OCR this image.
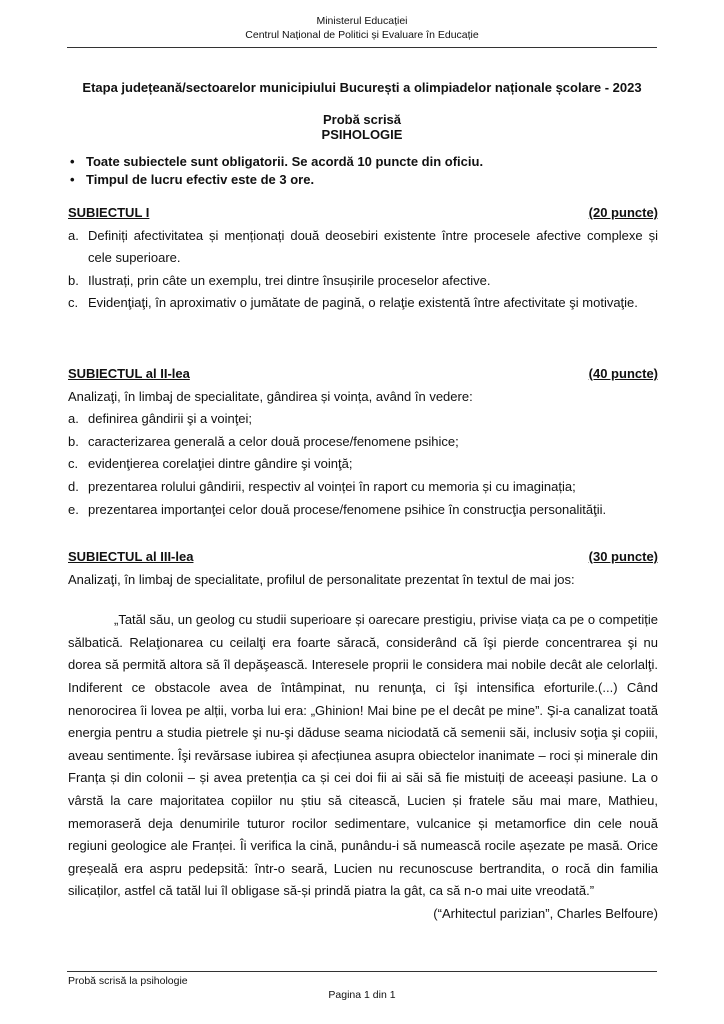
Ministerul Educației
Centrul Național de Politici și Evaluare în Educație
Etapa județeană/sectoarelor municipiului București a olimpiadelor naționale școlare - 2023
Probă scrisă
PSIHOLOGIE
• Toate subiectele sunt obligatorii. Se acordă 10 puncte din oficiu.
• Timpul de lucru efectiv este de 3 ore.
SUBIECTUL I	(20 puncte)
a. Definiți afectivitatea și menționați două deosebiri existente între procesele afective complexe și cele superioare.
b. Ilustrați, prin câte un exemplu, trei dintre însușirile proceselor afective.
c. Evidenţiaţi, în aproximativ o jumătate de pagină, o relaţie existentă între afectivitate şi motivaţie.
SUBIECTUL al II-lea	(40 puncte)
Analizaţi, în limbaj de specialitate, gândirea și voința, având în vedere:
a. definirea gândirii şi a voinţei;
b. caracterizarea generală a celor două procese/fenomene psihice;
c. evidenţierea corelaţiei dintre gândire şi voinţă;
d. prezentarea rolului gândirii, respectiv al voinței în raport cu memoria și cu imaginația;
e. prezentarea importanţei celor două procese/fenomene psihice în construcţia personalităţii.
SUBIECTUL al III-lea	(30 puncte)
Analizaţi, în limbaj de specialitate, profilul de personalitate prezentat în textul de mai jos:
„Tatăl său, un geolog cu studii superioare și oarecare prestigiu, privise viața ca pe o competiție sălbatică. Relaţionarea cu ceilalţi era foarte săracă, considerând că îşi pierde concentrarea şi nu dorea să permită altora să îl depăşească. Interesele proprii le considera mai nobile decât ale celorlalţi. Indiferent ce obstacole avea de întâmpinat, nu renunţa, ci îşi intensifica eforturile.(...) Când nenorocirea îi lovea pe alții, vorba lui era: „Ghinion! Mai bine pe el decât pe mine”. Şi-a canalizat toată energia pentru a studia pietrele şi nu-şi dăduse seama niciodată că semenii săi, inclusiv soţia şi copiii, aveau sentimente. Îşi revărsase iubirea și afecțiunea asupra obiectelor inanimate – roci și minerale din Franța și din colonii – și avea pretenția ca și cei doi fii ai săi să fie mistuiți de aceeași pasiune. La o vârstă la care majoritatea copiilor nu știu să citească, Lucien și fratele său mai mare, Mathieu, memoraseră deja denumirile tuturor rocilor sedimentare, vulcanice și metamorfice din cele nouă regiuni geologice ale Franței. Îi verifica la cină, punându-i să numească rocile așezate pe masă. Orice greșeală era aspru pedepsită: într-o seară, Lucien nu recunoscuse bertrandita, o rocă din familia silicaților, astfel că tatăl lui îl obligase să-și prindă piatra la gât, ca să n-o mai uite vreodată.”
(“Arhitectul parizian”, Charles Belfoure)
Probă scrisă la psihologie
Pagina 1 din 1
